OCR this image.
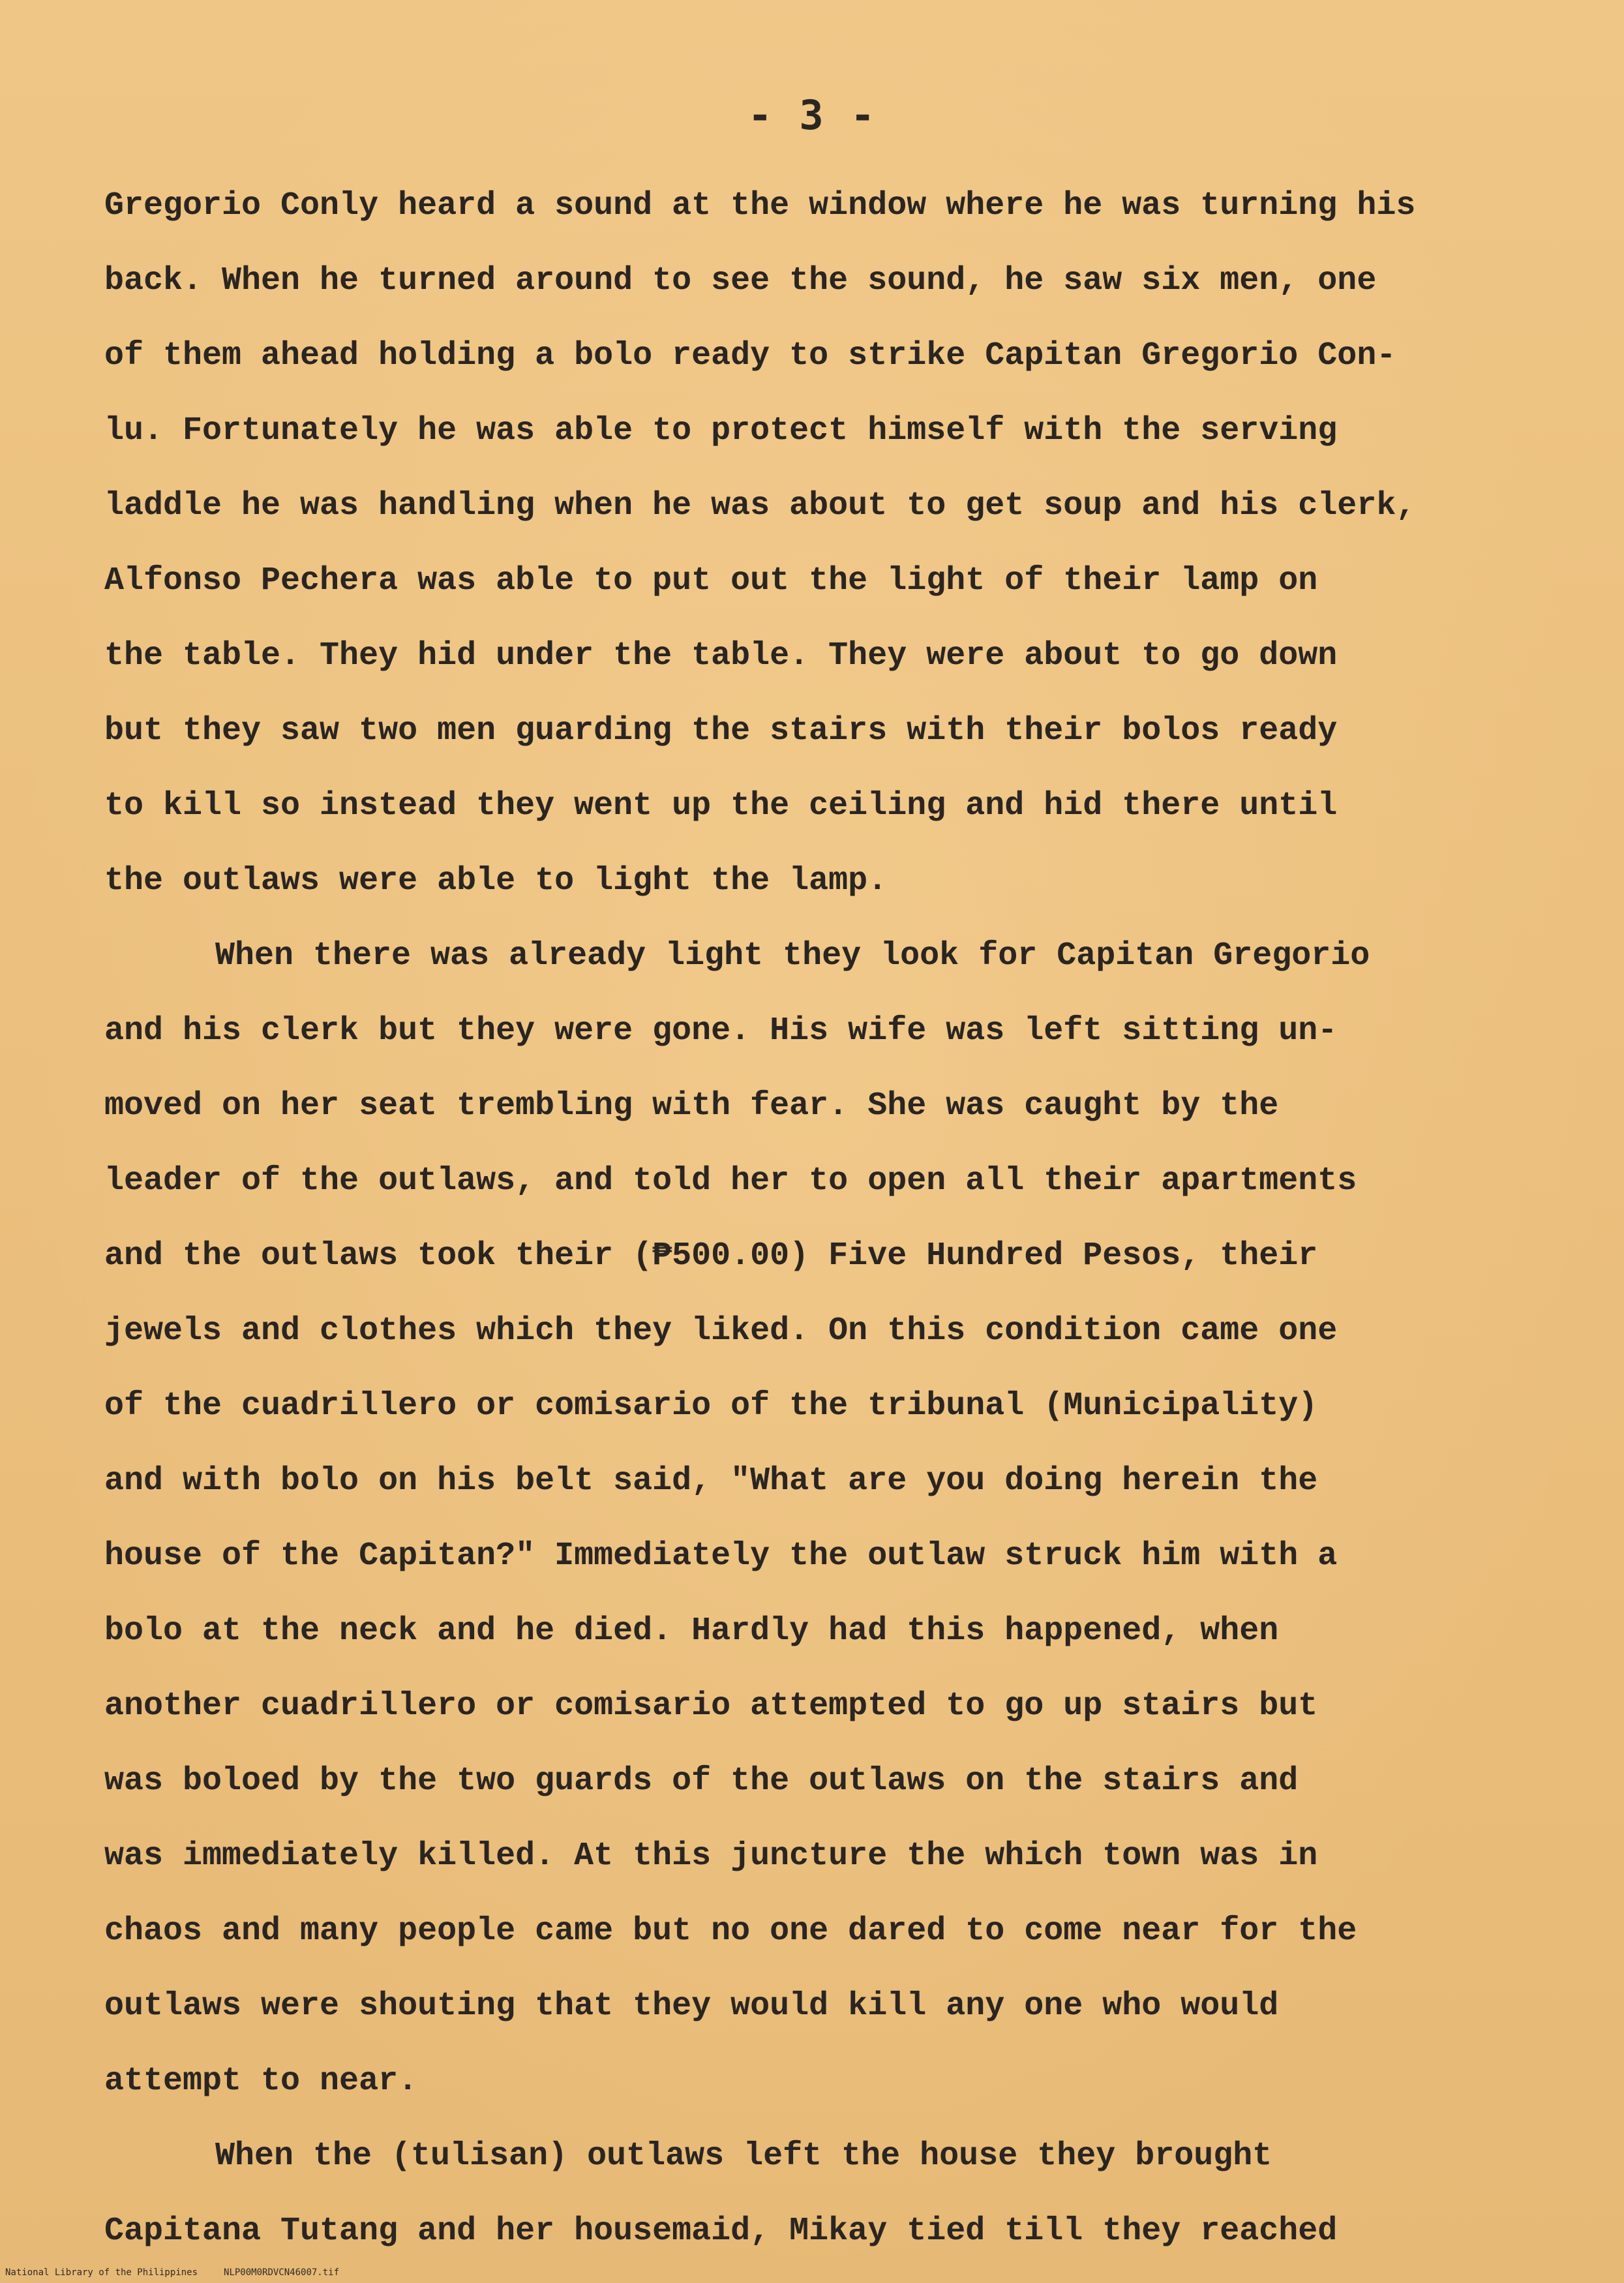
- 3 -
Gregorio Conly heard a sound at the window where he was turning his
back. When he turned around to see the sound, he saw six men, one
of them ahead holding a bolo ready to strike Capitan Gregorio Con-
lu. Fortunately he was able to protect himself with the serving
laddle he was handling when he was about to get soup and his clerk,
Alfonso Pechera was able to put out the light of their lamp on
the table. They hid under the table. They were about to go down
but they saw two men guarding the stairs with their bolos ready
to kill so instead they went up the ceiling and hid there until
the outlaws were able to light the lamp.
When there was already light they look for Capitan Gregorio
and his clerk but they were gone. His wife was left sitting un-
moved on her seat trembling with fear. She was caught by the
leader of the outlaws, and told her to open all their apartments
and the outlaws took their (₱500.00) Five Hundred Pesos, their
jewels and clothes which they liked. On this condition came one
of the cuadrillero or comisario of the tribunal (Municipality)
and with bolo on his belt said, "What are you doing herein the
house of the Capitan?" Immediately the outlaw struck him with a
bolo at the neck and he died. Hardly had this happened, when
another cuadrillero or comisario attempted to go up stairs but
was boloed by the two guards of the outlaws on the stairs and
was immediately killed. At this juncture the which town was in
chaos and many people came but no one dared to come near for the
outlaws were shouting that they would kill any one who would
attempt to near.
When the (tulisan) outlaws left the house they brought
Capitana Tutang and her housemaid, Mikay tied till they reached
National Library of the Philippines	NLP00M0RDVCN46007.tif
